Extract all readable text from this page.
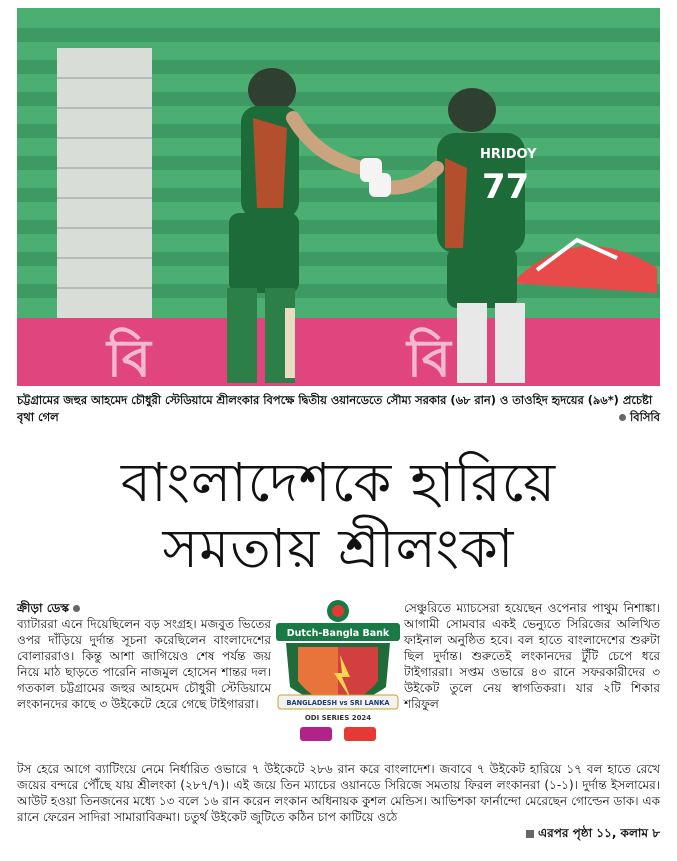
বি	বি
HRIDOY
77
চট্টগ্রামের জহুর আহমেদ চৌধুরী স্টেডিয়ামে শ্রীলংকার বিপক্ষে দ্বিতীয় ওয়ানডেতে সৌম্য সরকার (৬৮ রান) ও তাওহিদ হৃদয়ের (৯৬*) প্রচেষ্টা বৃথা গেল	বিসিবি
বাংলাদেশকে হারিয়ে
সমতায় শ্রীলংকা

ক্রীড়া ডেস্ক

ব্যাটাররা এনে দিয়েছিলেন বড় সংগ্রহ। মজবুত ভিতের ওপর দাঁড়িয়ে দুর্দান্ত সূচনা করেছিলেন বাংলাদেশের বোলাররাও। কিন্তু আশা জাগিয়েও শেষ পর্যন্ত জয় নিয়ে মাঠ ছাড়তে পারেনি নাজমুল হোসেন শান্তর দল। গতকাল চট্টগ্রামের জহুর আহমেদ চৌধুরী স্টেডিয়ামে লংকানদের কাছে ৩ উইকেটে হেরে গেছে টাইগাররা।

Dutch-Bangla Bank
BANGLADESH vs SRI LANKA
ODI SERIES 2024

সেঞ্চুরিতে ম্যাচসেরা হয়েছেন ওপেনার পাথুম নিশাঙ্কা। আগামী সোমবার একই ভেন্যুতে সিরিজের অলিখিত ফাইনাল অনুষ্ঠিত হবে। বল হাতে বাংলাদেশের শুরুটা ছিল দুর্দান্ত। শুরুতেই লংকানদের টুঁটি চেপে ধরে টাইগাররা। সপ্তম ওভারে ৪৩ রানে সফরকারীদের ৩ উইকেট তুলে নেয় স্বাগতিকরা। যার ২টি শিকার শরিফুল

টস হেরে আগে ব্যাটিংয়ে নেমে নির্ধারিত ওভারে ৭ উইকেটে ২৮৬ রান করে বাংলাদেশ। জবাবে ৭ উইকেট হারিয়ে ১৭ বল হাতে রেখে জয়ের বন্দরে পৌঁছে যায় শ্রীলংকা (২৮৭/৭)। এই জয়ে তিন ম্যাচের ওয়ানডে সিরিজে সমতায় ফিরল লংকানরা (১-১)। দুর্দান্ত ইসলামের। আউট হওয়া তিনজনের মধ্যে ১৩ বলে ১৬ রান করেন লংকান অধিনায়ক কুশল মেন্ডিস। আভিশকা ফার্নান্দো মেরেছেন গোল্ডেন ডাক। এক রানে ফেরেন সাদিরা সামারাবিক্রমা। চতুর্থ উইকেট জুটিতে কঠিন চাপ কাটিয়ে ওঠে

এরপর পৃষ্ঠা ১১, কলাম ৮
